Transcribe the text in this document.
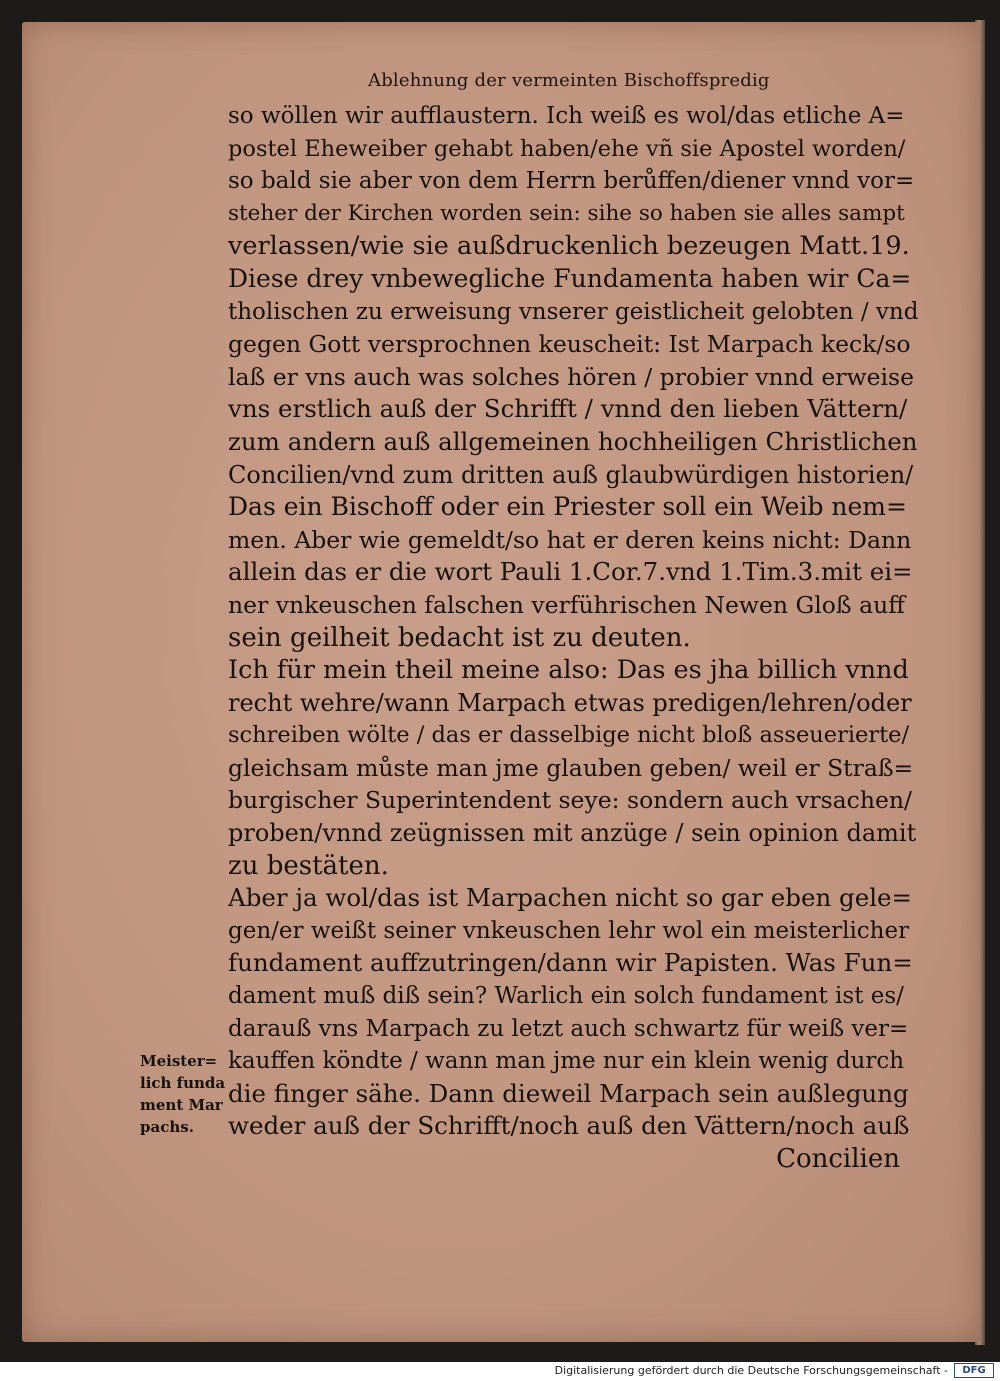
Ablehnung der vermeinten Bischoffspredig
so wöllen wir aufflaustern. Ich weiß es wol/das etliche A=
postel Eheweiber gehabt haben/ehe vñ sie Apostel worden/
so bald sie aber von dem Herrn berůffen/diener vnnd vor=
steher der Kirchen worden sein: sihe so haben sie alles sampt
verlassen/wie sie außdruckenlich bezeugen Matt.19.
Diese drey vnbewegliche Fundamenta haben wir Ca=
tholischen zu erweisung vnserer geistlicheit gelobten / vnd
gegen Gott versprochnen keuscheit: Ist Marpach keck/so
laß er vns auch was solches hören / probier vnnd erweise
vns erstlich auß der Schrifft / vnnd den lieben Vättern/
zum andern auß allgemeinen hochheiligen Christlichen
Concilien/vnd zum dritten auß glaubwürdigen historien/
Das ein Bischoff oder ein Priester soll ein Weib nem=
men. Aber wie gemeldt/so hat er deren keins nicht: Dann
allein das er die wort Pauli 1.Cor.7.vnd 1.Tim.3.mit ei=
ner vnkeuschen falschen verführischen Newen Gloß auff
sein geilheit bedacht ist zu deuten.
Ich für mein theil meine also: Das es jha billich vnnd
recht wehre/wann Marpach etwas predigen/lehren/oder
schreiben wölte / das er dasselbige nicht bloß asseuerierte/
gleichsam můste man jme glauben geben/ weil er Straß=
burgischer Superintendent seye: sondern auch vrsachen/
proben/vnnd zeügnissen mit anzüge / sein opinion damit
zu bestäten.
Aber ja wol/das ist Marpachen nicht so gar eben gele=
gen/er weißt seiner vnkeuschen lehr wol ein meisterlicher
fundament auffzutringen/dann wir Papisten. Was Fun=
dament muß diß sein? Warlich ein solch fundament ist es/
darauß vns Marpach zu letzt auch schwartz für weiß ver=
kauffen köndte / wann man jme nur ein klein wenig durch
die finger sähe. Dann dieweil Marpach sein außlegung
weder auß der Schrifft/noch auß den Vättern/noch auß
Concilien
Meister=
lich funda
ment Mar
pachs.
Digitalisierung gefördert durch die Deutsche Forschungsgemeinschaft -	DFG
